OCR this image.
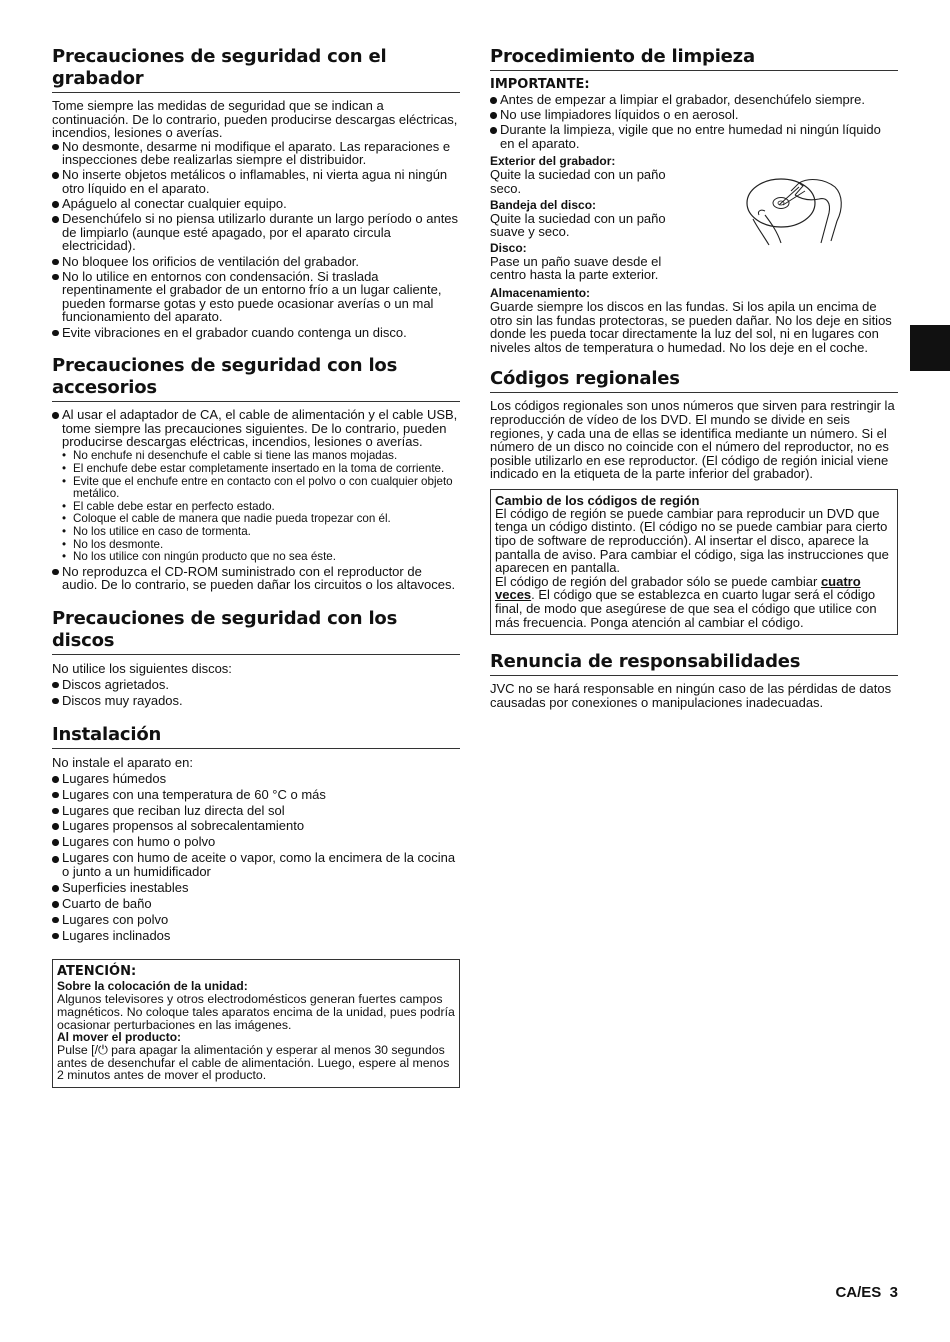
Precauciones de seguridad con el grabador

Tome siempre las medidas de seguridad que se indican a continuación. De lo contrario, pueden producirse descargas eléctricas, incendios, lesiones o averías.

No desmonte, desarme ni modifique el aparato. Las reparaciones e inspecciones debe realizarlas siempre el distribuidor.
No inserte objetos metálicos o inflamables, ni vierta agua ni ningún otro líquido en el aparato.
Apáguelo al conectar cualquier equipo.
Desenchúfelo si no piensa utilizarlo durante un largo período o antes de limpiarlo (aunque esté apagado, por el aparato circula electricidad).
No bloquee los orificios de ventilación del grabador.
No lo utilice en entornos con condensación. Si traslada repentinamente el grabador de un entorno frío a un lugar caliente, pueden formarse gotas y esto puede ocasionar averías o un mal funcionamiento del aparato.
Evite vibraciones en el grabador cuando contenga un disco.
Precauciones de seguridad con los accesorios
Al usar el adaptador de CA, el cable de alimentación y el cable USB, tome siempre las precauciones siguientes. De lo contrario, pueden producirse descargas eléctricas, incendios, lesiones o averías.
• No enchufe ni desenchufe el cable si tiene las manos mojadas.
• El enchufe debe estar completamente insertado en la toma de corriente.
• Evite que el enchufe entre en contacto con el polvo o con cualquier objeto metálico.
• El cable debe estar en perfecto estado.
• Coloque el cable de manera que nadie pueda tropezar con él.
• No los utilice en caso de tormenta.
• No los desmonte.
• No los utilice con ningún producto que no sea éste.
No reproduzca el CD-ROM suministrado con el reproductor de audio. De lo contrario, se pueden dañar los circuitos o los altavoces.
Precauciones de seguridad con los discos

No utilice los siguientes discos:

Discos agrietados.
Discos muy rayados.
Instalación

No instale el aparato en:

Lugares húmedos
Lugares con una temperatura de 60 °C o más
Lugares que reciban luz directa del sol
Lugares propensos al sobrecalentamiento
Lugares con humo o polvo
Lugares con humo de aceite o vapor, como la encimera de la cocina o junto a un humidificador
Superficies inestables
Cuarto de baño
Lugares con polvo
Lugares inclinados
ATENCIÓN:
Sobre la colocación de la unidad:

Algunos televisores y otros electrodomésticos generan fuertes campos magnéticos. No coloque tales aparatos encima de la unidad, pues podría ocasionar perturbaciones en las imágenes.

Al mover el producto:

Pulse [/⏻ para apagar la alimentación y esperar al menos 30 segundos antes de desenchufar el cable de alimentación. Luego, espere al menos 2 minutos antes de mover el producto.

Procedimiento de limpieza
IMPORTANTE:
Antes de empezar a limpiar el grabador, desenchúfelo siempre.
No use limpiadores líquidos o en aerosol.
Durante la limpieza, vigile que no entre humedad ni ningún líquido en el aparato.
Exterior del grabador:

Quite la suciedad con un paño seco.

Bandeja del disco:

Quite la suciedad con un paño suave y seco.

Disco:

Pase un paño suave desde el centro hasta la parte exterior.

Almacenamiento:

Guarde siempre los discos en las fundas. Si los apila un encima de otro sin las fundas protectoras, se pueden dañar. No los deje en sitios donde les pueda tocar directamente la luz del sol, ni en lugares con niveles altos de temperatura o humedad. No los deje en el coche.

Códigos regionales

Los códigos regionales son unos números que sirven para restringir la reproducción de vídeo de los DVD. El mundo se divide en seis regiones, y cada una de ellas se identifica mediante un número. Si el número de un disco no coincide con el número del reproductor, no es posible utilizarlo en ese reproductor. (El código de región inicial viene indicado en la etiqueta de la parte inferior del grabador).

Cambio de los códigos de región

El código de región se puede cambiar para reproducir un DVD que tenga un código distinto. (El código no se puede cambiar para cierto tipo de software de reproducción). Al insertar el disco, aparece la pantalla de aviso. Para cambiar el código, siga las instrucciones que aparecen en pantalla.

El código de región del grabador sólo se puede cambiar cuatro veces. El código que se establezca en cuarto lugar será el código final, de modo que asegúrese de que sea el código que utilice con más frecuencia. Ponga atención al cambiar el código.

Renuncia de responsabilidades

JVC no se hará responsable en ningún caso de las pérdidas de datos causadas por conexiones o manipulaciones inadecuadas.

CA/ES  3
